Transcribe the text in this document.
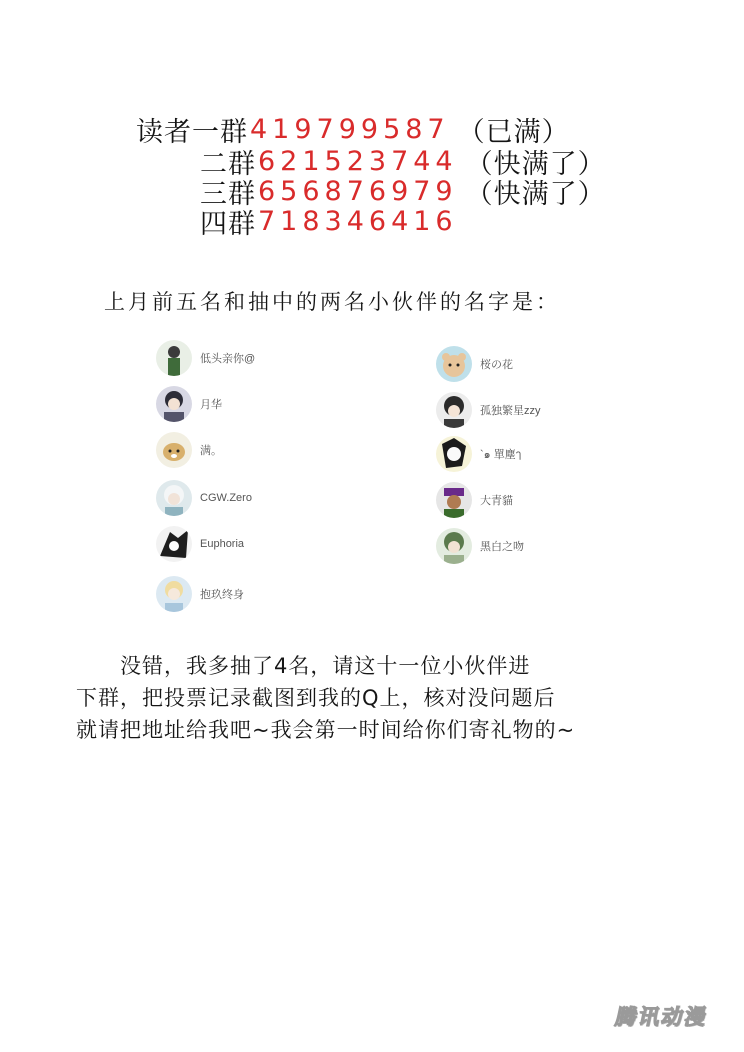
读者一群 419799587 （已满）
二群 621523744 （快满了）
三群 656876979 （快满了）
四群 718346416
上月前五名和抽中的两名小伙伴的名字是：
低头亲你@
月华
满。
CGW.Zero
Euphoria
抱玖终身
桜の花
孤独繁星zzy
`๑ 單塵ๅ
大青貓
黑白之吻
　　没错，我多抽了4名，请这十一位小伙伴进
下群，把投票记录截图到我的Q上，核对没问题后
就请把地址给我吧~我会第一时间给你们寄礼物的~
腾讯动漫
